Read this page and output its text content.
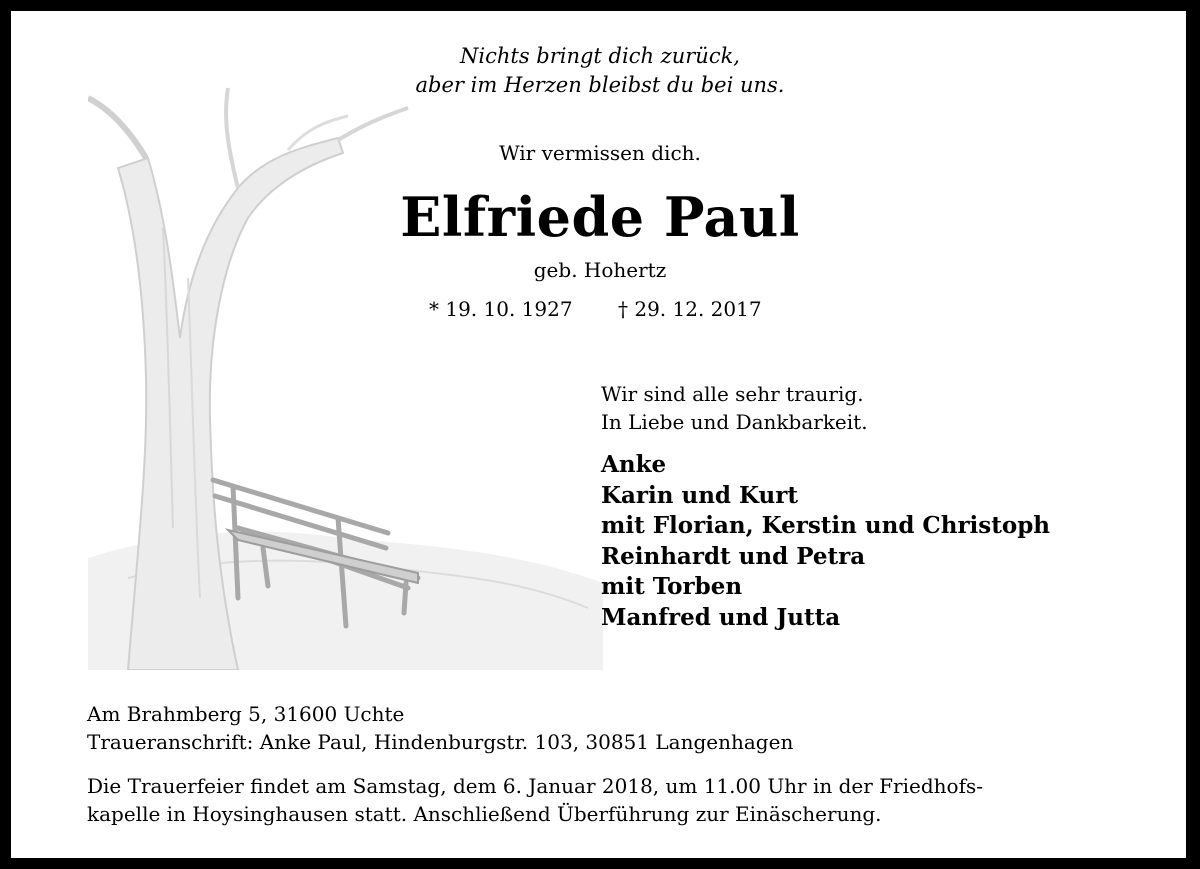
Nichts bringt dich zurück,
aber im Herzen bleibst du bei uns.
Wir vermissen dich.
Elfriede Paul
geb. Hohertz
* 19. 10. 1927 † 29. 12. 2017
Wir sind alle sehr traurig.
In Liebe und Dankbarkeit.
Anke
Karin und Kurt
mit Florian, Kerstin und Christoph
Reinhardt und Petra
mit Torben
Manfred und Jutta
Am Brahmberg 5, 31600 Uchte
Traueranschrift: Anke Paul, Hindenburgstr. 103, 30851 Langenhagen
Die Trauerfeier findet am Samstag, dem 6. Januar 2018, um 11.00 Uhr in der Friedhofs-
kapelle in Hoysinghausen statt. Anschließend Überführung zur Einäscherung.
